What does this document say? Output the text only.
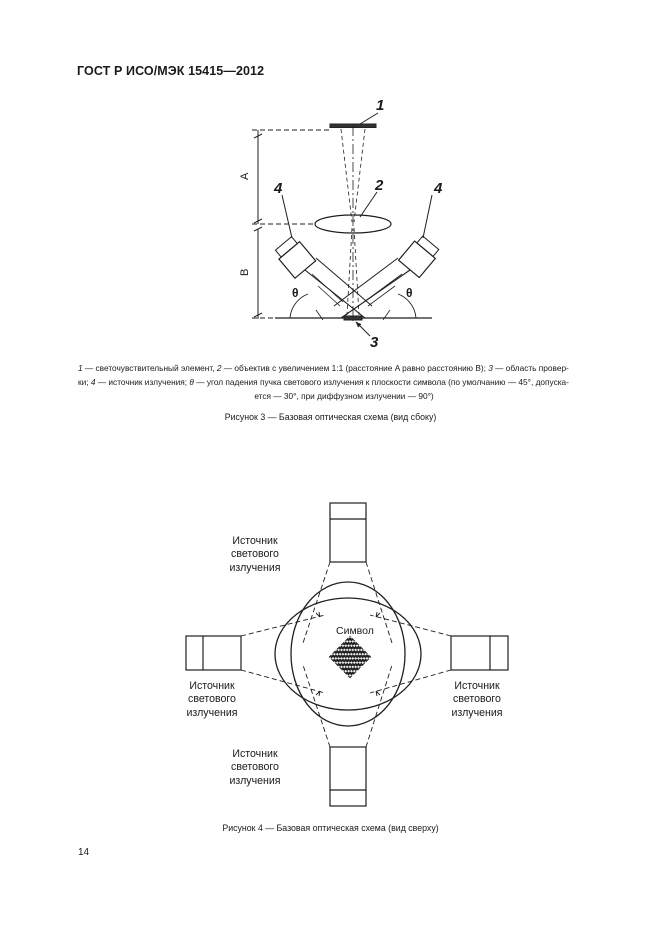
ГОСТ Р ИСО/МЭК 15415—2012
1
2
4	4
3
A
B
θ	θ
1 — светочувствительный элемент, 2 — объектив с увеличением 1:1 (расстояние A равно расстоянию B); 3 — область провер-
ки; 4 — источник излучения; θ — угол падения пучка светового излучения к плоскости символа (по умолчанию — 45°, допуска-
ется — 30°, при диффузном излучении — 90°)
Рисунок 3 — Базовая оптическая схема (вид сбоку)
Символ
Источник
светового
излучения
Источник
светового
излучения
Источник
светового
излучения
Источник
светового
излучения
Рисунок 4 — Базовая оптическая схема (вид сверху)
14
